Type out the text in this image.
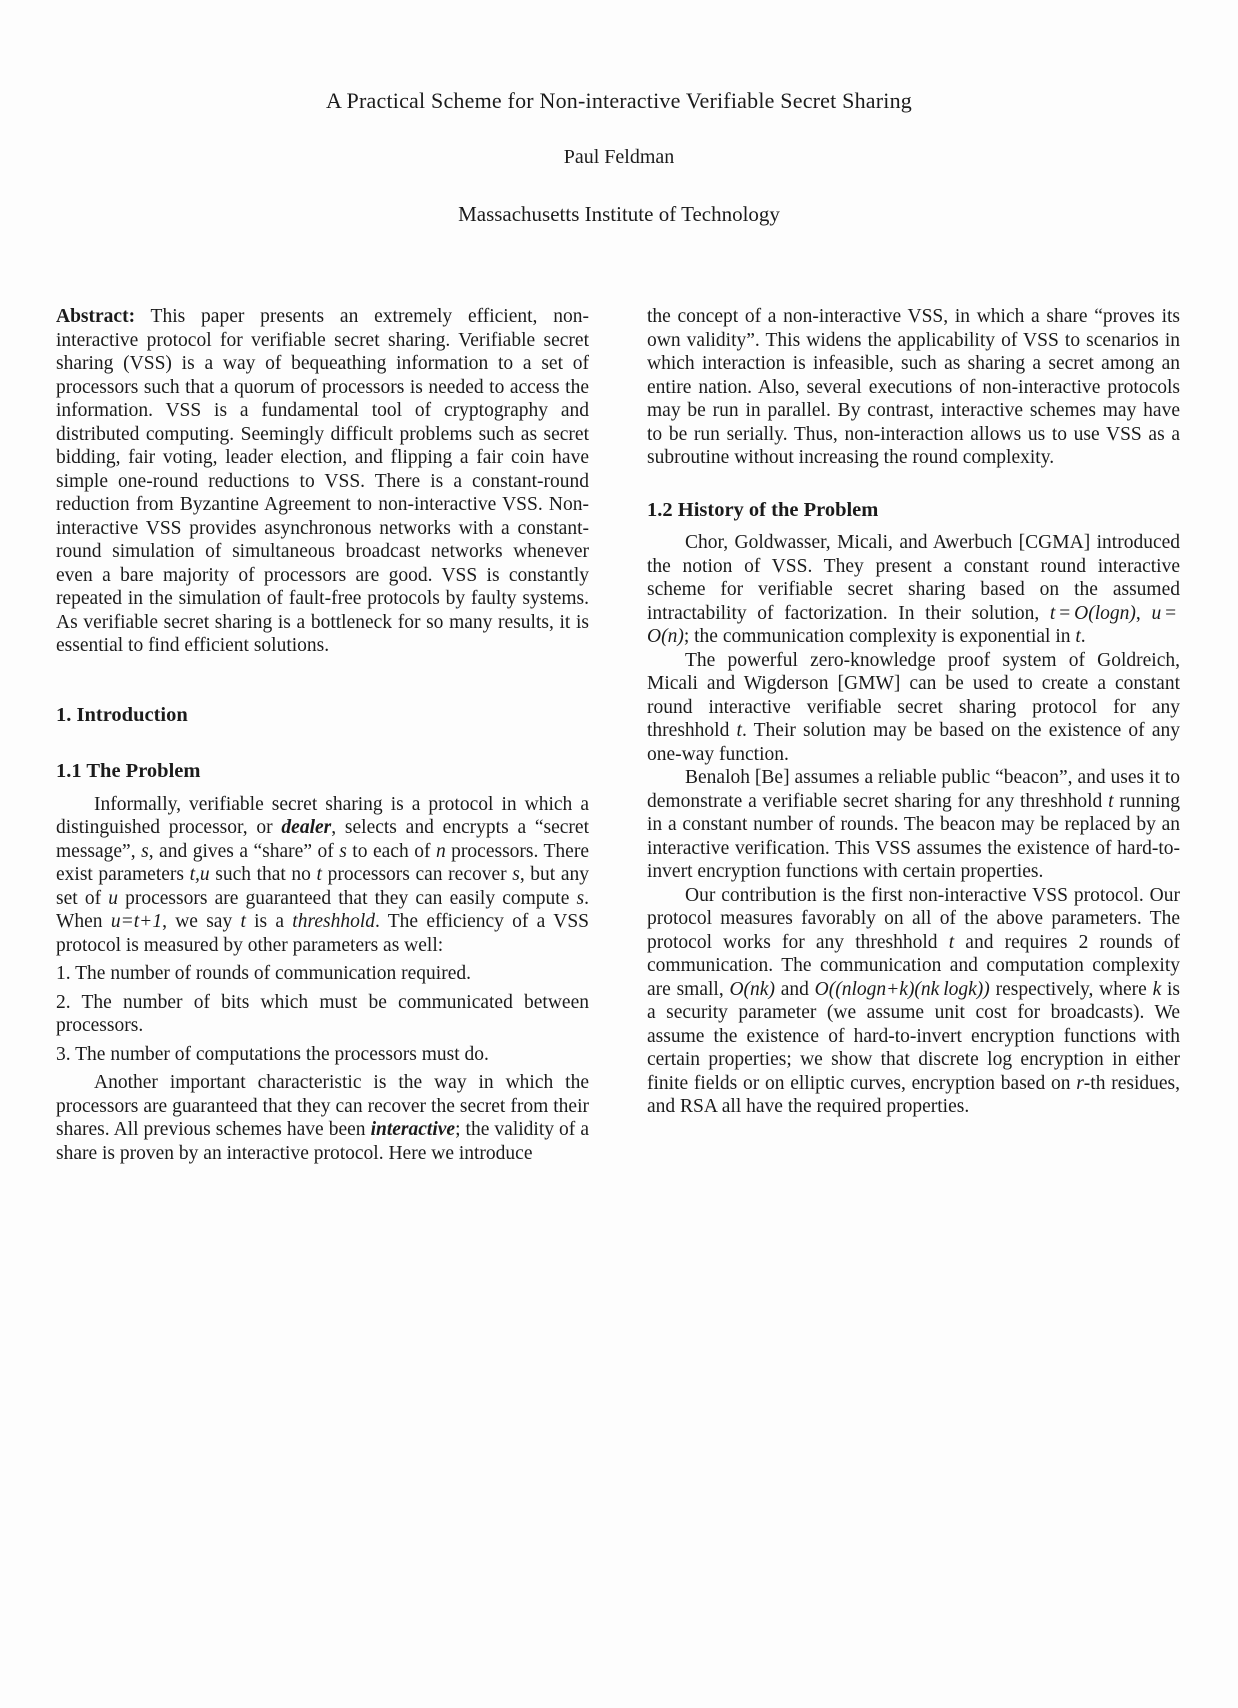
A Practical Scheme for Non-interactive Verifiable Secret Sharing
Paul Feldman
Massachusetts Institute of Technology

Abstract: This paper presents an extremely efficient, non-interactive protocol for verifiable secret sharing. Verifiable secret sharing (VSS) is a way of bequeathing information to a set of processors such that a quorum of processors is needed to access the information. VSS is a fundamental tool of cryptography and distributed computing. Seemingly difficult problems such as secret bidding, fair voting, leader election, and flipping a fair coin have simple one-round reductions to VSS. There is a constant-round reduction from Byzantine Agreement to non-interactive VSS. Non-interactive VSS provides asynchronous networks with a constant-round simulation of simultaneous broadcast networks whenever even a bare majority of processors are good. VSS is constantly repeated in the simulation of fault-free protocols by faulty systems. As verifiable secret sharing is a bottleneck for so many results, it is essential to find efficient solutions.

1. Introduction
1.1 The Problem

Informally, verifiable secret sharing is a protocol in which a distinguished processor, or dealer, selects and encrypts a “secret message”, s, and gives a “share” of s to each of n processors. There exist parameters t,u such that no t processors can recover s, but any set of u processors are guaranteed that they can easily compute s. When u=t+1, we say t is a threshhold. The efficiency of a VSS protocol is measured by other parameters as well:

1. The number of rounds of communication required.

2. The number of bits which must be communicated between processors.

3. The number of computations the processors must do.

Another important characteristic is the way in which the processors are guaranteed that they can recover the secret from their shares. All previous schemes have been interactive; the validity of a share is proven by an interactive protocol. Here we introduce

the concept of a non-interactive VSS, in which a share “proves its own validity”. This widens the applicability of VSS to scenarios in which interaction is infeasible, such as sharing a secret among an entire nation. Also, several executions of non-interactive protocols may be run in parallel. By contrast, interactive schemes may have to be run serially. Thus, non-interaction allows us to use VSS as a subroutine without increasing the round complexity.

1.2 History of the Problem

Chor, Goldwasser, Micali, and Awerbuch [CGMA] introduced the notion of VSS. They present a constant round interactive scheme for verifiable secret sharing based on the assumed intractability of factorization. In their solution, t = O(logn), u = O(n); the communication complexity is exponential in t.

The powerful zero-knowledge proof system of Goldreich, Micali and Wigderson [GMW] can be used to create a constant round interactive verifiable secret sharing protocol for any threshhold t. Their solution may be based on the existence of any one-way function.

Benaloh [Be] assumes a reliable public “beacon”, and uses it to demonstrate a verifiable secret sharing for any threshhold t running in a constant number of rounds. The beacon may be replaced by an interactive verification. This VSS assumes the existence of hard-to-invert encryption functions with certain properties.

Our contribution is the first non-interactive VSS protocol. Our protocol measures favorably on all of the above parameters. The protocol works for any threshhold t and requires 2 rounds of communication. The communication and computation complexity are small, O(nk) and O((nlogn+k)(nk logk)) respectively, where k is a security parameter (we assume unit cost for broadcasts). We assume the existence of hard-to-invert encryption functions with certain properties; we show that discrete log encryption in either finite fields or on elliptic curves, encryption based on r-th residues, and RSA all have the required properties.
